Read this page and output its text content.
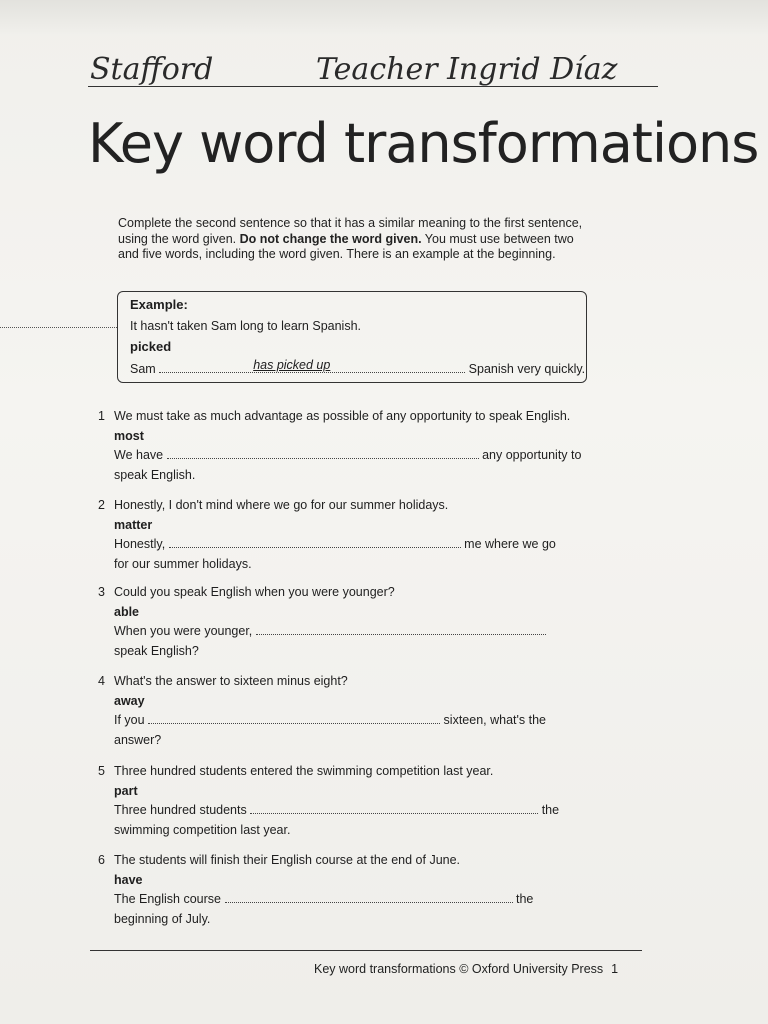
Stafford	Teacher Ingrid Díaz
Key word transformations
Complete the second sentence so that it has a similar meaning to the first sentence, using the word given. Do not change the word given. You must use between two and five words, including the word given. There is an example at the beginning.
Example:
It hasn't taken Sam long to learn Spanish.
picked
Sam	has picked up	Spanish very quickly.
1 We must take as much advantage as possible of any opportunity to speak English.
most
We have	any opportunity to
speak English.
2 Honestly, I don't mind where we go for our summer holidays.
matter
Honestly,	me where we go
for our summer holidays.
3 Could you speak English when you were younger?
able
When you were younger,
speak English?
4 What's the answer to sixteen minus eight?
away
If you	sixteen, what's the
answer?
5 Three hundred students entered the swimming competition last year.
part
Three hundred students	the
swimming competition last year.
6 The students will finish their English course at the end of June.
have
The English course	the
beginning of July.
Key word transformations © Oxford University Press 1
